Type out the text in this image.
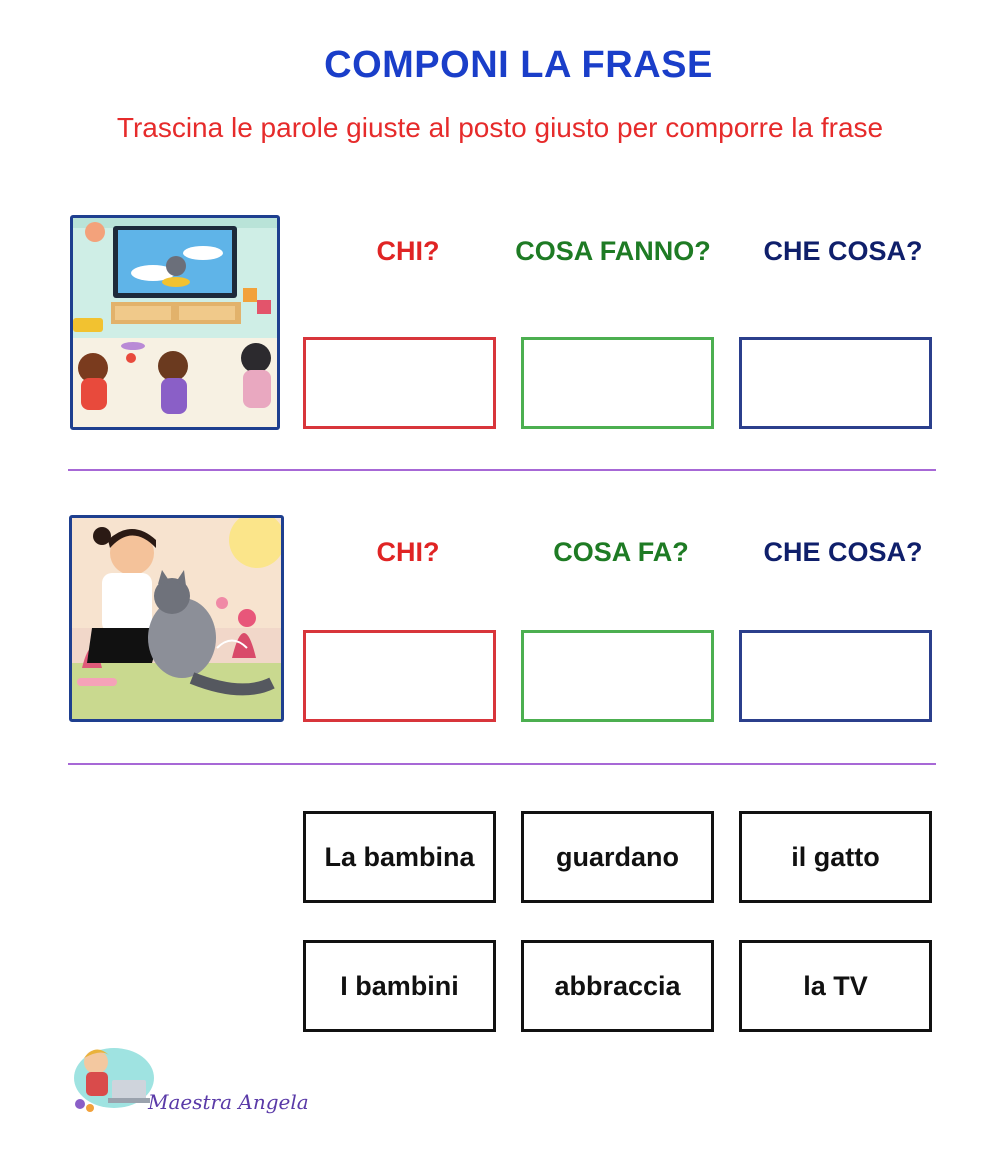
COMPONI LA FRASE
Trascina le parole giuste al posto giusto per comporre la frase
CHI?	COSA FANNO?	CHE COSA?
CHI?	COSA FA?	CHE COSA?
La bambina	guardano	il gatto
I bambini	abbraccia	la TV
Maestra Angela
